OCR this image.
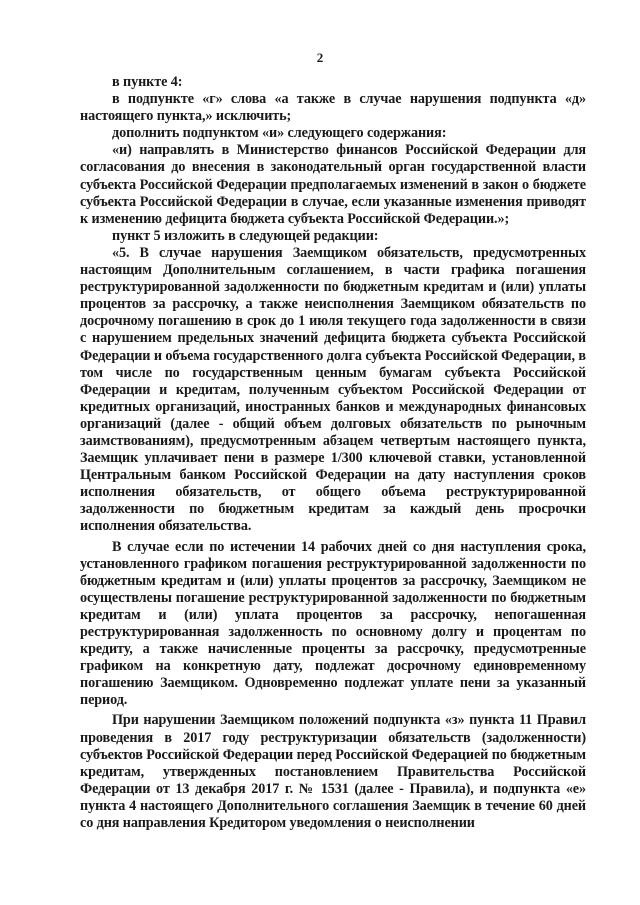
2

в пункте 4:

в подпункте «г» слова «а также в случае нарушения подпункта «д» настоящего пункта,» исключить;

дополнить подпунктом «и» следующего содержания:

«и) направлять в Министерство финансов Российской Федерации для согласования до внесения в законодательный орган государственной власти субъекта Российской Федерации предполагаемых изменений в закон о бюджете субъекта Российской Федерации в случае, если указанные изменения приводят к изменению дефицита бюджета субъекта Российской Федерации.»;

пункт 5 изложить в следующей редакции:

«5. В случае нарушения Заемщиком обязательств, предусмотренных настоящим Дополнительным соглашением, в части графика погашения реструктурированной задолженности по бюджетным кредитам и (или) уплаты процентов за рассрочку, а также неисполнения Заемщиком обязательств по досрочному погашению в срок до 1 июля текущего года задолженности в связи с нарушением предельных значений дефицита бюджета субъекта Российской Федерации и объема государственного долга субъекта Российской Федерации, в том числе по государственным ценным бумагам субъекта Российской Федерации и кредитам, полученным субъектом Российской Федерации от кредитных организаций, иностранных банков и международных финансовых организаций (далее - общий объем долговых обязательств по рыночным заимствованиям), предусмотренным абзацем четвертым настоящего пункта, Заемщик уплачивает пени в размере 1/300 ключевой ставки, установленной Центральным банком Российской Федерации на дату наступления сроков исполнения обязательств, от общего объема реструктурированной задолженности по бюджетным кредитам за каждый день просрочки исполнения обязательства.

В случае если по истечении 14 рабочих дней со дня наступления срока, установленного графиком погашения реструктурированной задолженности по бюджетным кредитам и (или) уплаты процентов за рассрочку, Заемщиком не осуществлены погашение реструктурированной задолженности по бюджетным кредитам и (или) уплата процентов за рассрочку, непогашенная реструктурированная задолженность по основному долгу и процентам по кредиту, а также начисленные проценты за рассрочку, предусмотренные графиком на конкретную дату, подлежат досрочному единовременному погашению Заемщиком. Одновременно подлежат уплате пени за указанный период.

При нарушении Заемщиком положений подпункта «з» пункта 11 Правил проведения в 2017 году реструктуризации обязательств (задолженности) субъектов Российской Федерации перед Российской Федерацией по бюджетным кредитам, утвержденных постановлением Правительства Российской Федерации от 13 декабря 2017 г. № 1531 (далее - Правила), и подпункта «е» пункта 4 настоящего Дополнительного соглашения Заемщик в течение 60 дней со дня направления Кредитором уведомления о неисполнении
